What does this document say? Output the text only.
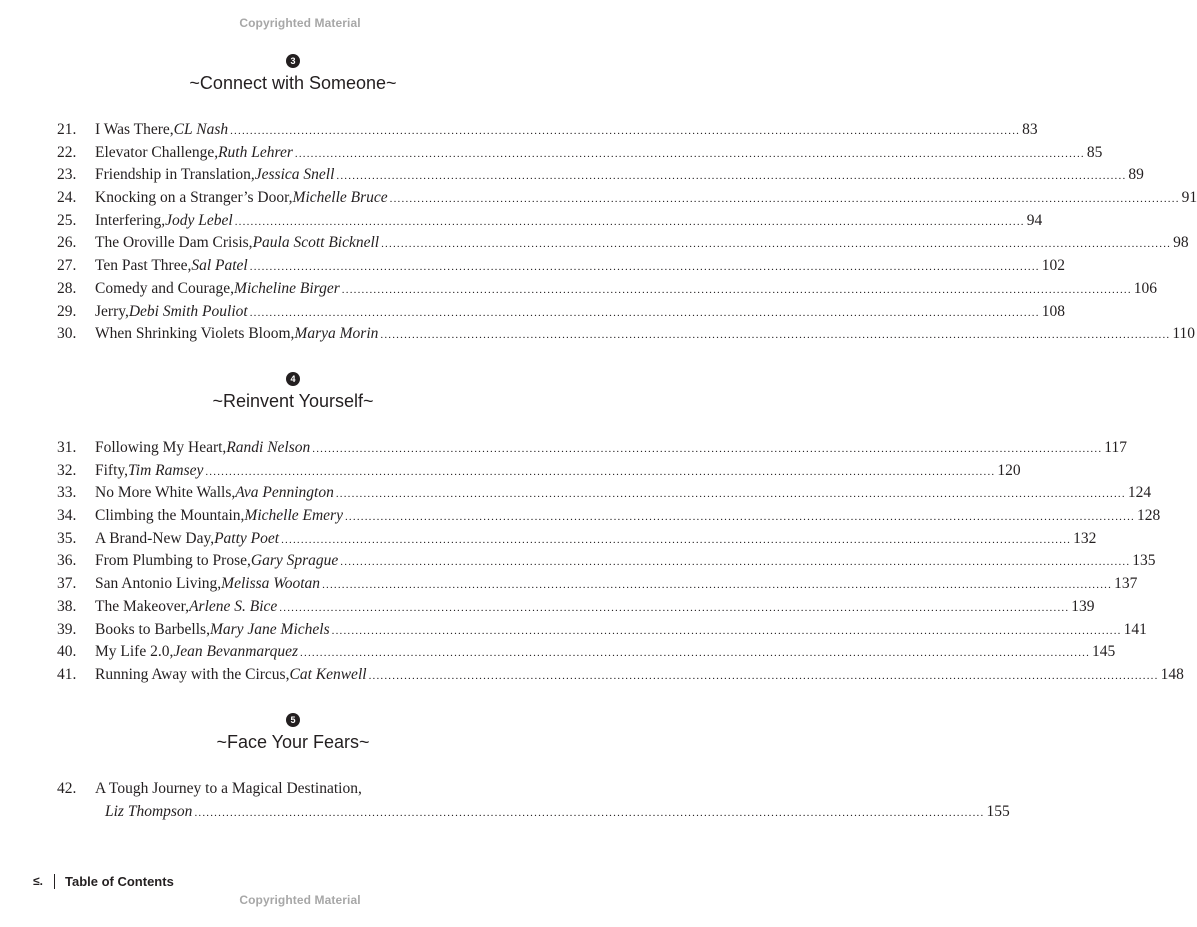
Copyrighted Material
3
~Connect with Someone~
21.	I Was There, CL Nash ........................................................................................................................................................................................................ 83
22.	Elevator Challenge, Ruth Lehrer ........................................................................................................................................................................................................ 85
23.	Friendship in Translation, Jessica Snell ........................................................................................................................................................................................................ 89
24.	Knocking on a Stranger’s Door, Michelle Bruce ........................................................................................................................................................................................................ 91
25.	Interfering, Jody Lebel ........................................................................................................................................................................................................ 94
26.	The Oroville Dam Crisis, Paula Scott Bicknell ........................................................................................................................................................................................................ 98
27.	Ten Past Three, Sal Patel ........................................................................................................................................................................................................ 102
28.	Comedy and Courage, Micheline Birger ........................................................................................................................................................................................................ 106
29.	Jerry, Debi Smith Pouliot ........................................................................................................................................................................................................ 108
30.	When Shrinking Violets Bloom, Marya Morin ........................................................................................................................................................................................................ 110
4
~Reinvent Yourself~
31.	Following My Heart, Randi Nelson ........................................................................................................................................................................................................ 117
32.	Fifty, Tim Ramsey ........................................................................................................................................................................................................ 120
33.	No More White Walls, Ava Pennington ........................................................................................................................................................................................................ 124
34.	Climbing the Mountain, Michelle Emery ........................................................................................................................................................................................................ 128
35.	A Brand-New Day, Patty Poet ........................................................................................................................................................................................................ 132
36.	From Plumbing to Prose, Gary Sprague ........................................................................................................................................................................................................ 135
37.	San Antonio Living, Melissa Wootan ........................................................................................................................................................................................................ 137
38.	The Makeover, Arlene S. Bice ........................................................................................................................................................................................................ 139
39.	Books to Barbells, Mary Jane Michels ........................................................................................................................................................................................................ 141
40.	My Life 2.0, Jean Bevanmarquez ........................................................................................................................................................................................................ 145
41.	Running Away with the Circus, Cat Kenwell ........................................................................................................................................................................................................ 148
5
~Face Your Fears~
42.	A Tough Journey to a Magical Destination,
Liz Thompson ........................................................................................................................................................................................................ 155
≤.	Table of Contents
Copyrighted Material
